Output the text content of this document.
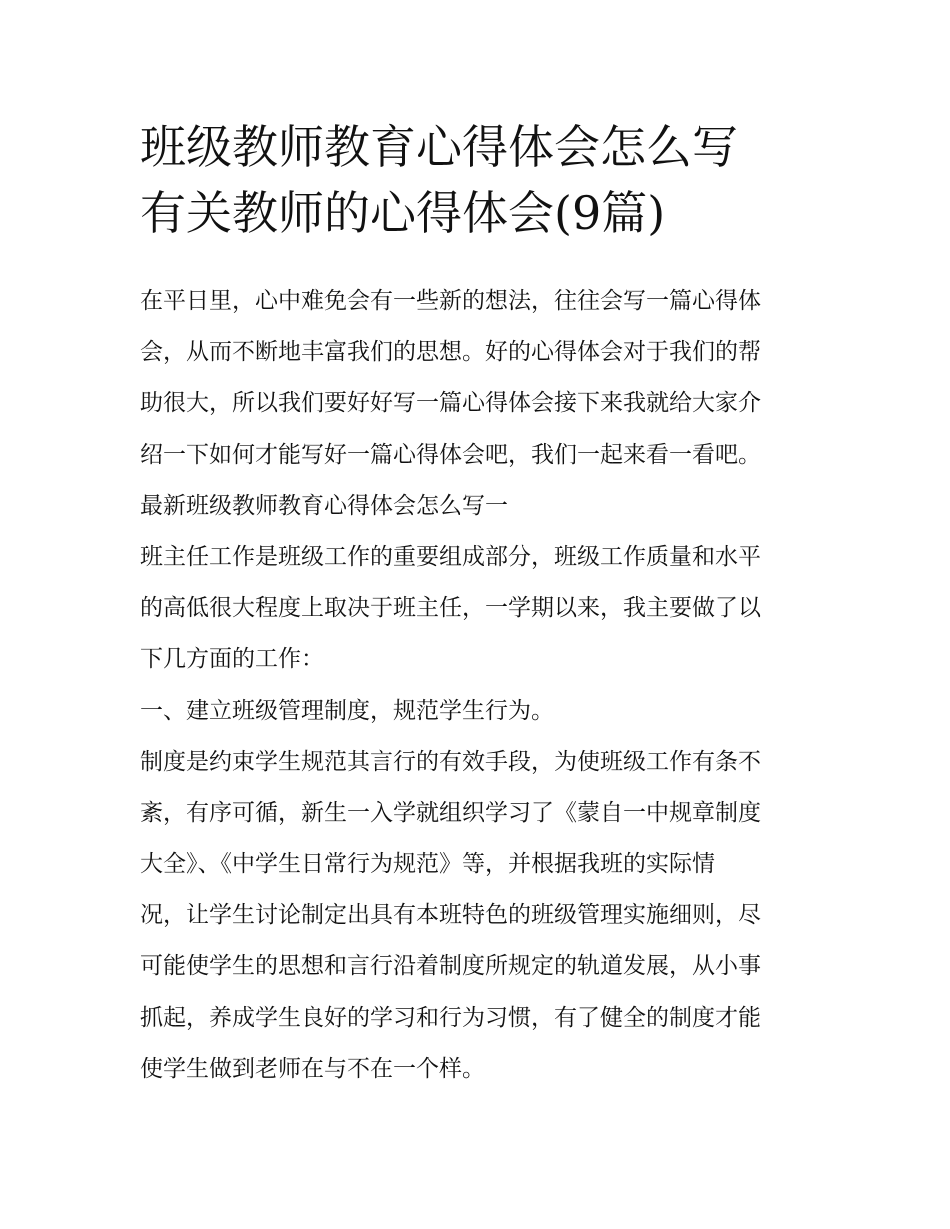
班级教师教育心得体会怎么写
有关教师的心得体会(9篇)
在平日里，心中难免会有一些新的想法，往往会写一篇心得体
会，从而不断地丰富我们的思想。好的心得体会对于我们的帮
助很大，所以我们要好好写一篇心得体会接下来我就给大家介
绍一下如何才能写好一篇心得体会吧，我们一起来看一看吧。
最新班级教师教育心得体会怎么写一
班主任工作是班级工作的重要组成部分，班级工作质量和水平
的高低很大程度上取决于班主任，一学期以来，我主要做了以
下几方面的工作：
一、建立班级管理制度，规范学生行为。
制度是约束学生规范其言行的有效手段，为使班级工作有条不
紊，有序可循，新生一入学就组织学习了《蒙自一中规章制度
大全》、《中学生日常行为规范》等，并根据我班的实际情
况，让学生讨论制定出具有本班特色的班级管理实施细则，尽
可能使学生的思想和言行沿着制度所规定的轨道发展，从小事
抓起，养成学生良好的学习和行为习惯，有了健全的制度才能
使学生做到老师在与不在一个样。
